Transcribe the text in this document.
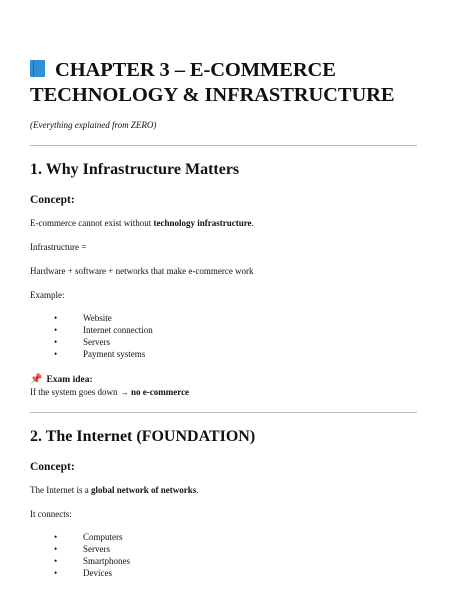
CHAPTER 3 – E-COMMERCE
TECHNOLOGY & INFRASTRUCTURE

(Everything explained from ZERO)

1. Why Infrastructure Matters
Concept:

E-commerce cannot exist without technology infrastructure.

Infrastructure =

Hardware + software + networks that make e-commerce work

Example:

• Website
• Internet connection
• Servers
• Payment systems

📌 Exam idea:

If the system goes down → no e-commerce

2. The Internet (FOUNDATION)
Concept:

The Internet is a global network of networks.

It connects:

• Computers
• Servers
• Smartphones
• Devices
